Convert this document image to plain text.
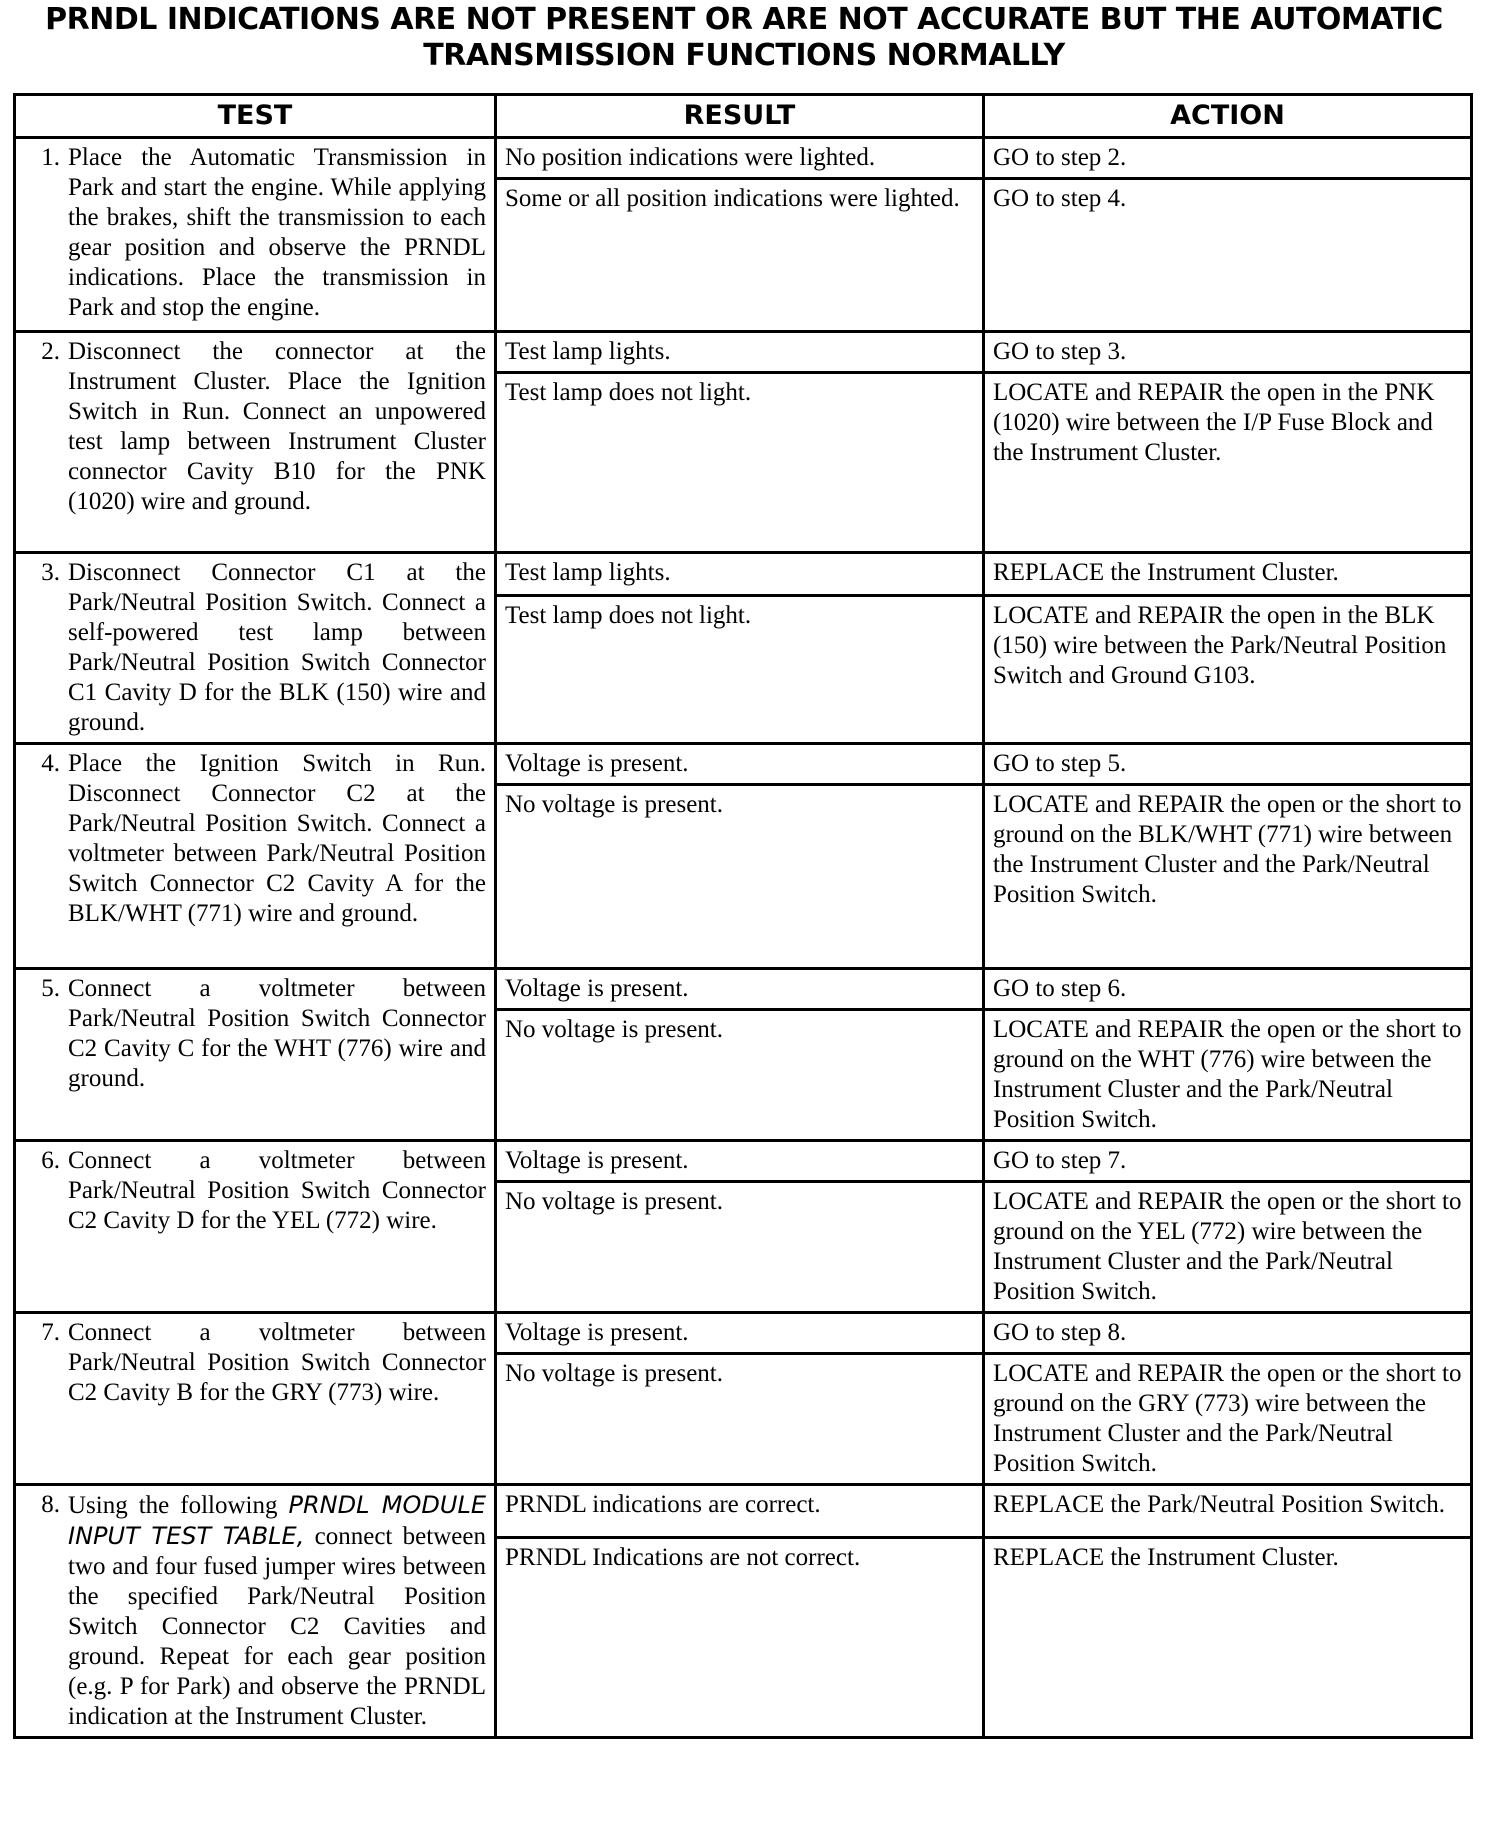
PRNDL INDICATIONS ARE NOT PRESENT OR ARE NOT ACCURATE BUT THE AUTOMATIC
TRANSMISSION FUNCTIONS NORMALLY
TEST	RESULT	ACTION

1. Place the Automatic Transmission in Park and start the engine. While applying the brakes, shift the transmission to each gear position and observe the PRNDL indications. Place the transmission in Park and stop the engine.	No position indications were lighted.	GO to step 2.
	Some or all position indications were lighted.	GO to step 4.

2. Disconnect the connector at the Instrument Cluster. Place the Ignition Switch in Run. Connect an unpowered test lamp between Instrument Cluster connector Cavity B10 for the PNK (1020) wire and ground.	Test lamp lights.	GO to step 3.
	Test lamp does not light.	LOCATE and REPAIR the open in the PNK (1020) wire between the I/P Fuse Block and the Instrument Cluster.

3. Disconnect Connector C1 at the Park/Neutral Position Switch. Connect a self-powered test lamp between Park/Neutral Position Switch Connector C1 Cavity D for the BLK (150) wire and ground.	Test lamp lights.	REPLACE the Instrument Cluster.
	Test lamp does not light.	LOCATE and REPAIR the open in the BLK (150) wire between the Park/Neutral Position Switch and Ground G103.

4. Place the Ignition Switch in Run. Disconnect Connector C2 at the Park/Neutral Position Switch. Connect a voltmeter between Park/Neutral Position Switch Connector C2 Cavity A for the BLK/WHT (771) wire and ground.	Voltage is present.	GO to step 5.
	No voltage is present.	LOCATE and REPAIR the open or the short to ground on the BLK/WHT (771) wire between the Instrument Cluster and the Park/Neutral Position Switch.

5. Connect a voltmeter between Park/Neutral Position Switch Connector C2 Cavity C for the WHT (776) wire and ground.	Voltage is present.	GO to step 6.
	No voltage is present.	LOCATE and REPAIR the open or the short to ground on the WHT (776) wire between the Instrument Cluster and the Park/Neutral Position Switch.

6. Connect a voltmeter between Park/Neutral Position Switch Connector C2 Cavity D for the YEL (772) wire.	Voltage is present.	GO to step 7.
	No voltage is present.	LOCATE and REPAIR the open or the short to ground on the YEL (772) wire between the Instrument Cluster and the Park/Neutral Position Switch.

7. Connect a voltmeter between Park/Neutral Position Switch Connector C2 Cavity B for the GRY (773) wire.	Voltage is present.	GO to step 8.
	No voltage is present.	LOCATE and REPAIR the open or the short to ground on the GRY (773) wire between the Instrument Cluster and the Park/Neutral Position Switch.

8. Using the following PRNDL MODULE INPUT TEST TABLE, connect between two and four fused jumper wires between the specified Park/Neutral Position Switch Connector C2 Cavities and ground. Repeat for each gear position (e.g. P for Park) and observe the PRNDL indication at the Instrument Cluster.	PRNDL indications are correct.	REPLACE the Park/Neutral Position Switch.
	PRNDL Indications are not correct.	REPLACE the Instrument Cluster.
